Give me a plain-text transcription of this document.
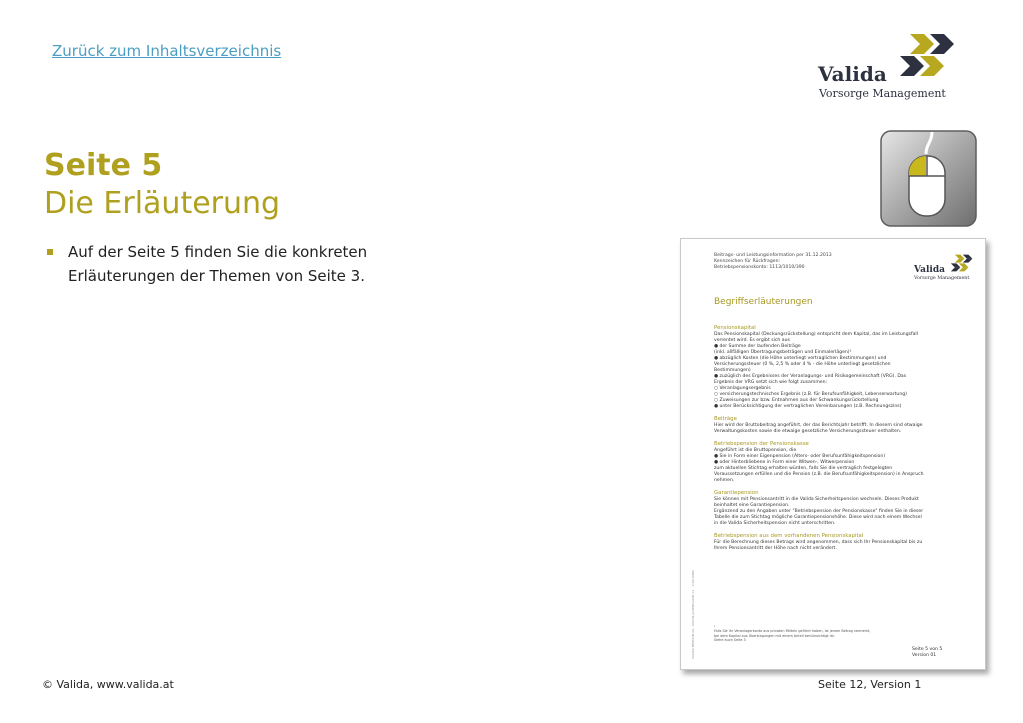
Zurück zum Inhaltsverzeichnis
Valida
Vorsorge Management
Seite 5
Die Erläuterung
Auf der Seite 5 finden Sie die konkreten Erläuterungen der Themen von Seite 3.
Beitrags- und Leistungsinformation per 31.12.2013
Kennzeichen für Rückfragen:
Betriebspensionskonto: 1113/1010/390	Valida
Vorsorge Management
Begriffserläuterungen
Pensionskapital
Das Pensionskapital (Deckungsrückstellung) entspricht dem Kapital, das im Leistungsfall
verrentet wird. Es ergibt sich aus
● der Summe der laufenden Beiträge
(inkl. allfälligen Übertragungsbeträgen und Einmalerlägen)¹
● abzüglich Kosten (die Höhe unterliegt vertraglichen Bestimmungen) und
Versicherungssteuer (0 %, 2,5 % oder 4 % - die Höhe unterliegt gesetzlichen
Bestimmungen)
● zuzüglich des Ergebnisses der Veranlagungs- und Risikogemeinschaft (VRG). Das
Ergebnis der VRG setzt sich wie folgt zusammen:
○ Veranlagungsergebnis
○ versicherungstechnisches Ergebnis (z.B. für Berufsunfähigkeit, Lebenserwartung)
○ Zuweisungen zur bzw. Entnahmen aus der Schwankungsrückstellung
● unter Berücksichtigung der vertraglichen Vereinbarungen (z.B. Rechnungszins)
Beiträge
Hier wird der Bruttobeitrag angeführt, der das Berichtsjahr betrifft. In diesem sind etwaige
Verwaltungskosten sowie die etwaige gesetzliche Versicherungssteuer enthalten.
Betriebspension der Pensionskasse
Angeführt ist die Bruttopension, die
● Sie in Form einer Eigenpension (Alters- oder Berufsunfähigkeitspension)
● oder Hinterbliebene in Form einer Witwen-, Witwerpension
zum aktuellen Stichtag erhalten würden, falls Sie die vertraglich festgelegten
Voraussetzungen erfüllen und die Pension (z.B. die Berufsunfähigkeitspension) in Anspruch
nehmen.
Garantiepension
Sie können mit Pensionsantritt in die Valida Sicherheitspension wechseln. Dieses Produkt
beinhaltet eine Garantiepension.
Ergänzend zu den Angaben unter "Betriebspension der Pensionskasse" finden Sie in dieser
Tabelle die zum Stichtag mögliche Garantiepensionshöhe. Diese wird nach einem Wechsel
in die Valida Sicherheitspension nicht unterschritten.
Betriebspension aus dem vorhandenen Pensionskapital
Für die Berechnung dieses Betrags wird angenommen, dass sich Ihr Pensionskapital bis zu
Ihrem Pensionsantritt der Höhe nach nicht verändert.
VALIDA PENSION AG · MOOSLACKENGASSE 12 · 1190 WIEN	¹
Falls Sie Ihr Veranlagerkonto aus privaten Mitteln geführt haben, ist jenem Betrag vermerkt,
bei dem Kapital aus Übertragungen mit einem Anteil berücksichtigt ist.
Siehe auch Seite 3
Seite 5 von 5
Version 01
© Valida, www.valida.at	Seite 12, Version 1
